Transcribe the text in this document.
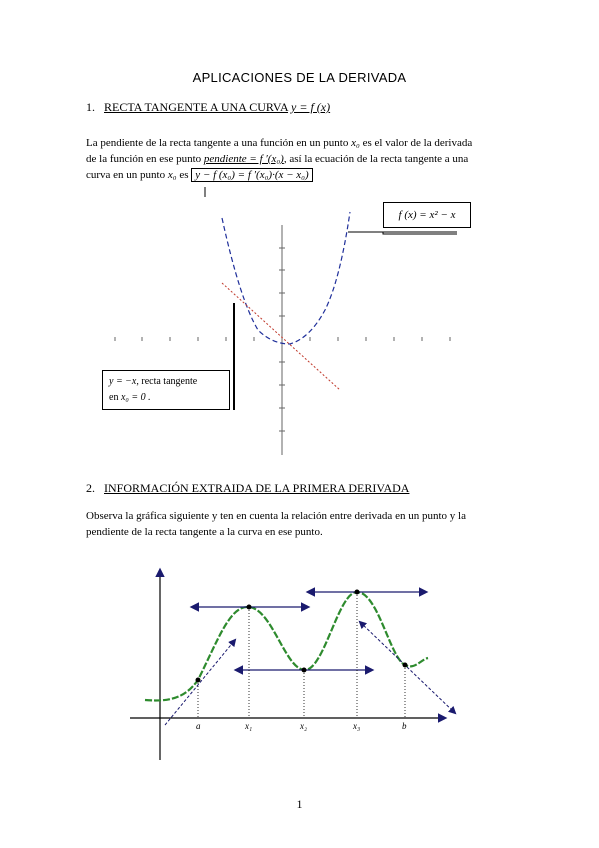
APLICACIONES DE LA DERIVADA
1. RECTA TANGENTE A UNA CURVA y = f (x)
La pendiente de la recta tangente a una función en un punto x₀ es el valor de la derivada
de la función en ese punto pendiente = f ′(x₀), así la ecuación de la recta tangente a una
curva en un punto x₀ es y − f (x₀) = f ′(x₀)·(x − x₀)
f (x) = x² − x
y = −x, recta tangente
en x₀ = 0 .
2. INFORMACIÓN EXTRAIDA DE LA PRIMERA DERIVADA
Observa la gráfica siguiente y ten en cuenta la relación entre derivada en un punto y la
pendiente de la recta tangente a la curva en ese punto.
a	x₁	x₂	x₃	b
1
